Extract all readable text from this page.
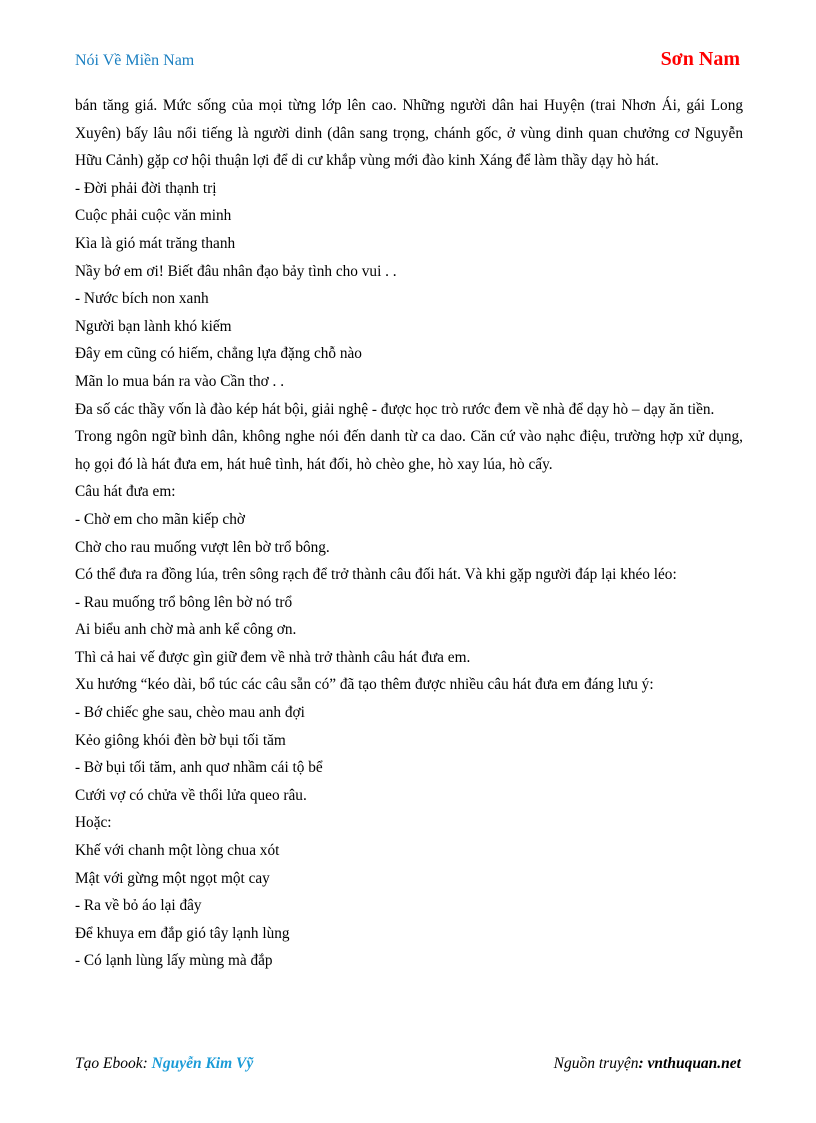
Nói Về Miền Nam	Sơn Nam

bán tăng giá. Mức sống của mọi từng lớp lên cao. Những người dân hai Huyện (trai Nhơn Ái, gái Long Xuyên) bấy lâu nổi tiếng là người dinh (dân sang trọng, chánh gốc, ở vùng dinh quan chưởng cơ Nguyễn Hữu Cảnh) gặp cơ hội thuận lợi để di cư khắp vùng mới đào kinh Xáng để làm thầy dạy hò hát.

- Đời phải đời thạnh trị

Cuộc phải cuộc văn minh

Kìa là gió mát trăng thanh

Nầy bớ em ơi! Biết đâu nhân đạo bảy tình cho vui . .

- Nước bích non xanh

Người bạn lành khó kiếm

Đây em cũng có hiếm, chẳng lựa đặng chỗ nào

Mãn lo mua bán ra vào Cần thơ . .

Đa số các thầy vốn là đào kép hát bội, giải nghệ - được học trò rước đem về nhà để dạy hò – dạy ăn tiền.

Trong ngôn ngữ bình dân, không nghe nói đến danh từ ca dao. Căn cứ vào nạhc điệu, trường hợp xử dụng, họ gọi đó là hát đưa em, hát huê tình, hát đối, hò chèo ghe, hò xay lúa, hò cấy.

Câu hát đưa em:

- Chờ em cho mãn kiếp chờ

Chờ cho rau muống vượt lên bờ trổ bông.

Có thể đưa ra đồng lúa, trên sông rạch để trở thành câu đối hát. Và khi gặp người đáp lại khéo léo:

- Rau muống trổ bông lên bờ nó trổ

Ai biểu anh chờ mà anh kể công ơn.

Thì cả hai vế được gìn giữ đem về nhà trở thành câu hát đưa em.

Xu hướng “kéo dài, bổ túc các câu sẵn có” đã tạo thêm được nhiều câu hát đưa em đáng lưu ý:

- Bớ chiếc ghe sau, chèo mau anh đợi

Kẻo giông khói đèn bờ bụi tối tăm

- Bờ bụi tối tăm, anh quơ nhầm cái tộ bể

Cưới vợ có chửa về thổi lửa queo râu.

Hoặc:

Khế với chanh một lòng chua xót

Mật với gừng một ngọt một cay

- Ra về bỏ áo lại đây

Để khuya em đắp gió tây lạnh lùng

- Có lạnh lùng lấy mùng mà đắp

Tạo Ebook: Nguyễn Kim Vỹ	Nguồn truyện: vnthuquan.net
